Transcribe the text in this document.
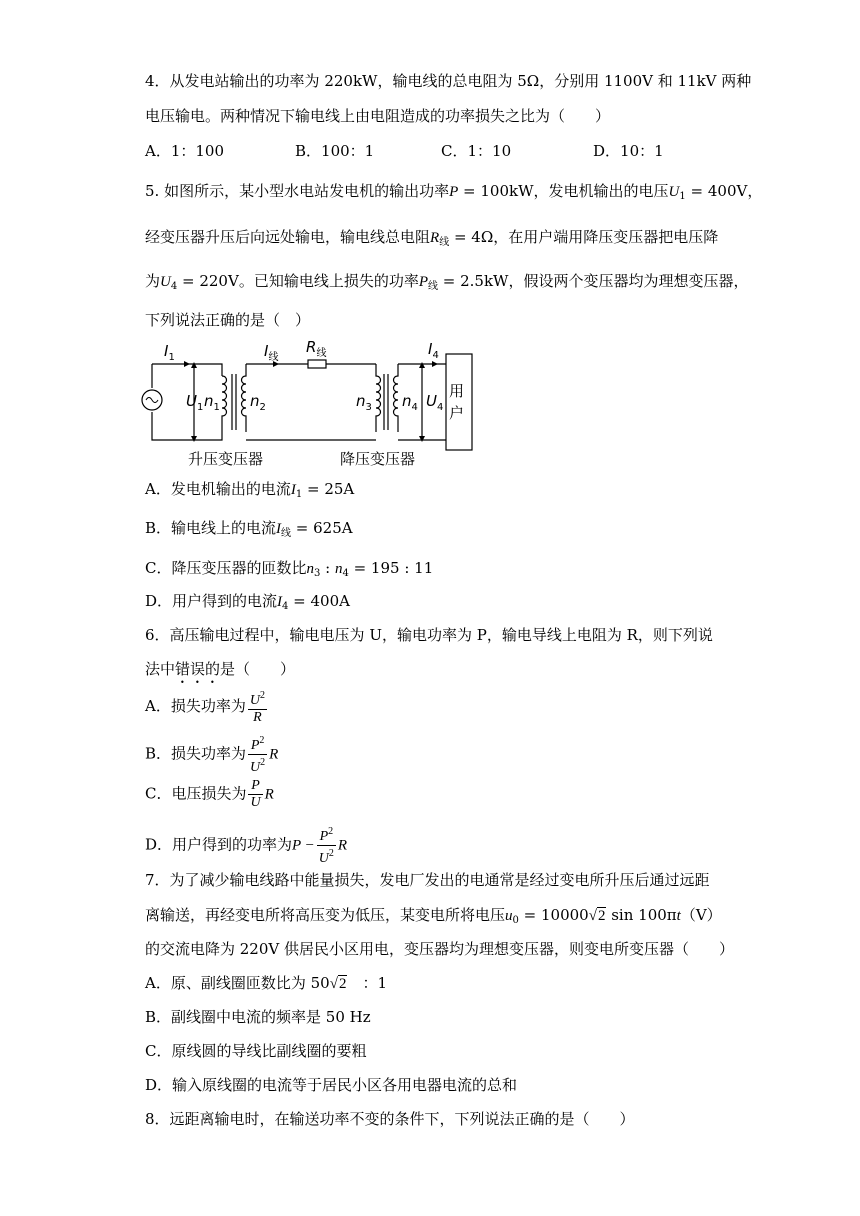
4．从发电站输出的功率为 220kW，输电线的总电阻为 5Ω，分别用 1100V 和 11kV 两种
电压输电。两种情况下输电线上由电阻造成的功率损失之比为（　　）
A．1：100	B．100：1	C．1：10	D．10：1
5. 如图所示，某小型水电站发电机的输出功率P = 100kW，发电机输出的电压$U_1 = 400V$，
经变压器升压后向远处输电，输电线总电阻$R_线 = 4\Omega$，在用户端用降压变压器把电压降
为$U_4 = 220V$。已知输电线上损失的功率$P_线 = 2.5kW$，假设两个变压器均为理想变压器，
下列说法正确的是（　）
$I_1$	$I_线$
$R_线$	$I_4$
$U_1$ $n_1$ $n_2$	$n_3$ $n_4$ $U_4$
用
户
升压变压器	降压变压器
A．发电机输出的电流$I_1 = 25A$
B．输电线上的电流$I_线 = 625A$
C．降压变压器的匝数比$n_3$ : $n_4 = 195$ : 11
D．用户得到的电流$I_4 = 400A$
6．高压输电过程中，输电电压为 U，输电功率为 P，输电导线上电阻为 R，则下列说
法中错误的是（　　）
A．损失功率为 $\frac{U^2}{R}$
B．损失功率为 $\frac{P^2}{U^2}$ R
C．电压损失为 $\frac{P}{U}$ R
D．用户得到的功率为$P - \frac{P^2}{U^2}$ R
7．为了减少输电线路中能量损失，发电厂发出的电通常是经过变电所升压后通过远距
离输送，再经变电所将高压变为低压，某变电所将电压$u_0 = 10000√2$ sin 100πt（V）
的交流电降为 220V 供居民小区用电，变压器均为理想变压器，则变电所变压器（　　）
A．原、副线圈匝数比为 50√2　：1
B．副线圈中电流的频率是 50 Hz
C．原线圆的导线比副线圈的要粗
D．输入原线圈的电流等于居民小区各用电器电流的总和
8．远距离输电时，在输送功率不变的条件下，下列说法正确的是（　　）
